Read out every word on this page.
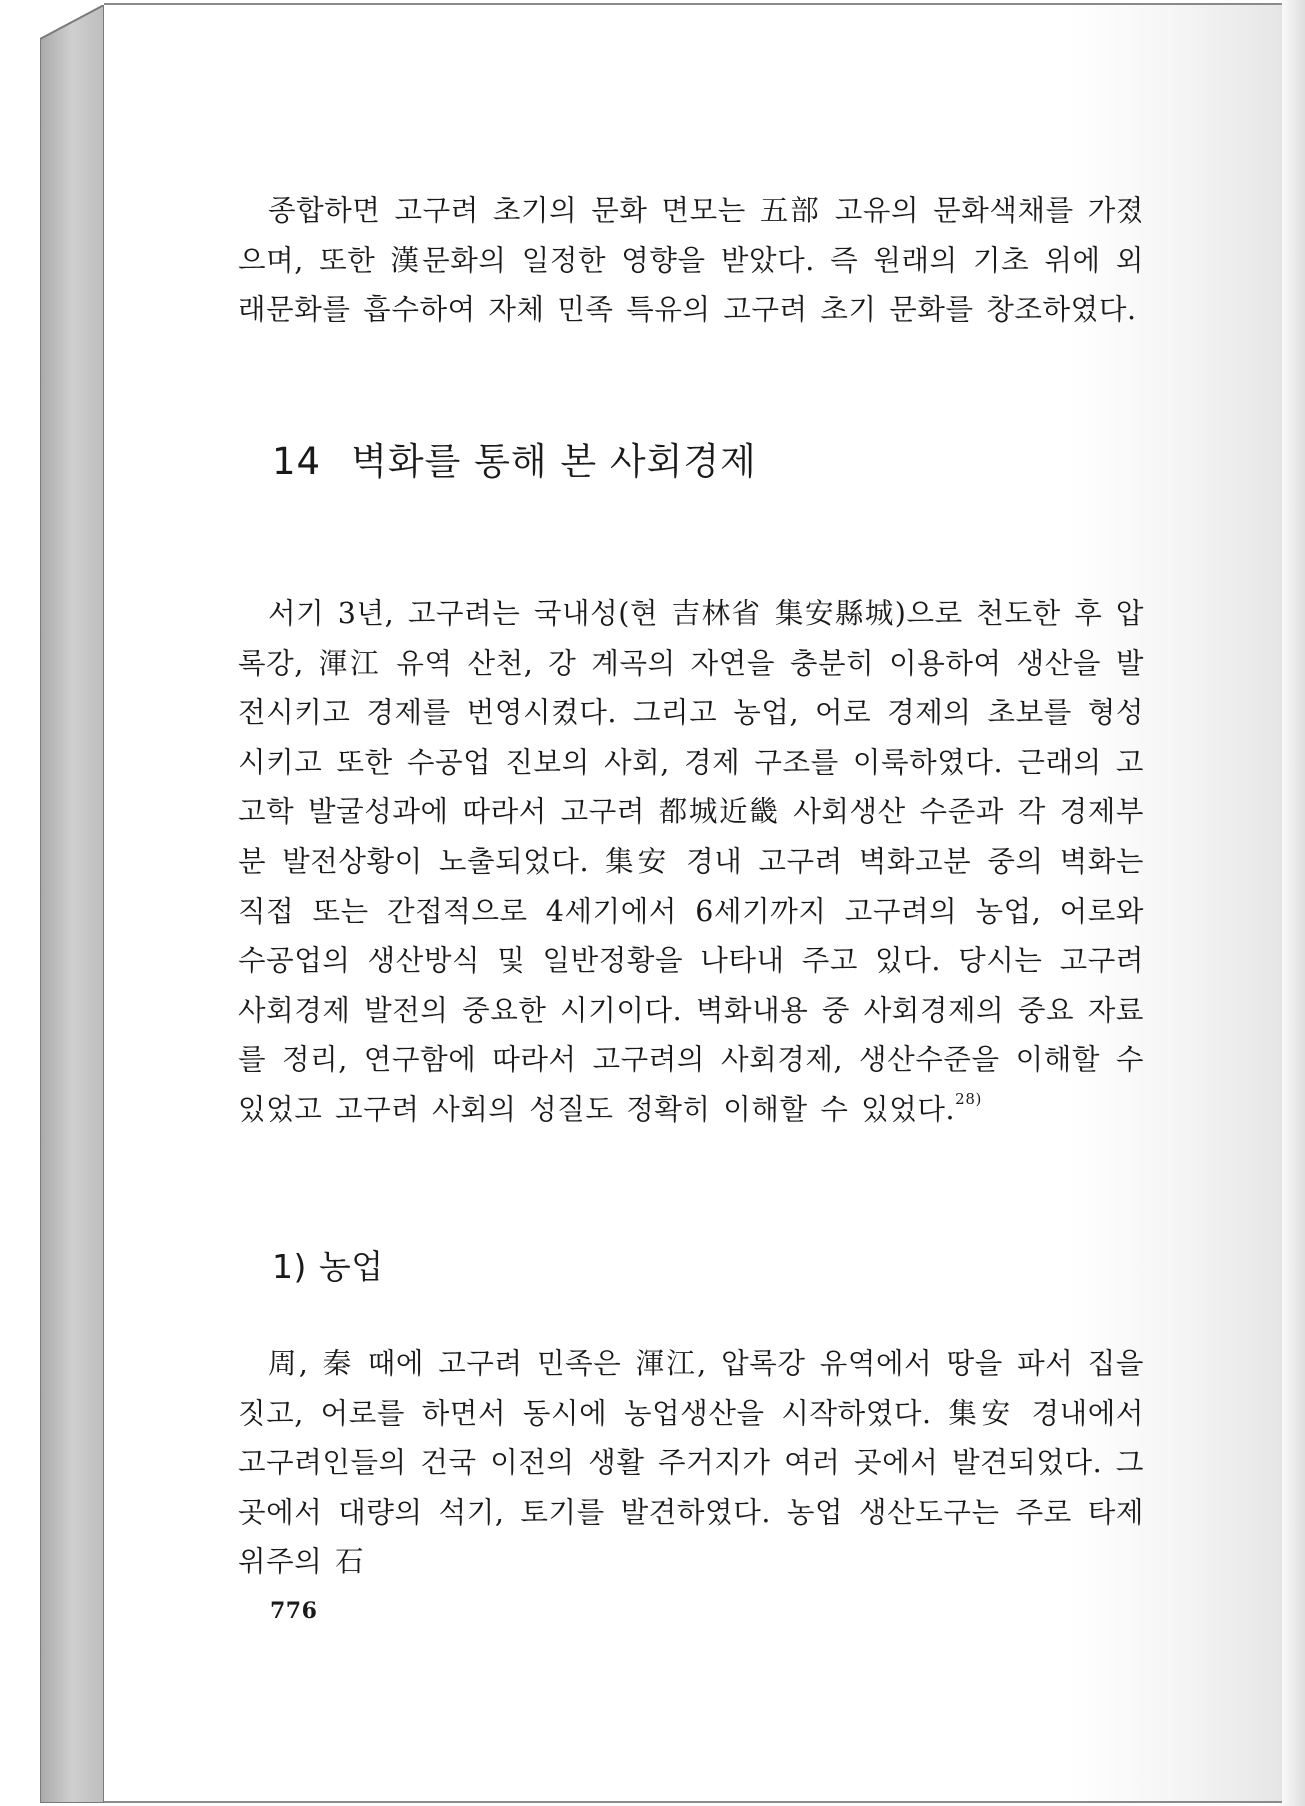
종합하면 고구려 초기의 문화 면모는 五部 고유의 문화색채를 가졌으며, 또한 漢문화의 일정한 영향을 받았다. 즉 원래의 기초 위에 외래문화를 흡수하여 자체 민족 특유의 고구려 초기 문화를 창조하였다.

14 벽화를 통해 본 사회경제

서기 3년, 고구려는 국내성(현 吉林省 集安縣城)으로 천도한 후 압록강, 渾江 유역 산천, 강 계곡의 자연을 충분히 이용하여 생산을 발전시키고 경제를 번영시켰다. 그리고 농업, 어로 경제의 초보를 형성시키고 또한 수공업 진보의 사회, 경제 구조를 이룩하였다. 근래의 고고학 발굴성과에 따라서 고구려 都城近畿 사회생산 수준과 각 경제부분 발전상황이 노출되었다. 集安 경내 고구려 벽화고분 중의 벽화는 직접 또는 간접적으로 4세기에서 6세기까지 고구려의 농업, 어로와 수공업의 생산방식 및 일반정황을 나타내 주고 있다. 당시는 고구려 사회경제 발전의 중요한 시기이다. 벽화내용 중 사회경제의 중요 자료를 정리, 연구함에 따라서 고구려의 사회경제, 생산수준을 이해할 수 있었고 고구려 사회의 성질도 정확히 이해할 수 있었다.$^{28)}$

1) 농업

周, 秦 때에 고구려 민족은 渾江, 압록강 유역에서 땅을 파서 집을 짓고, 어로를 하면서 동시에 농업생산을 시작하였다. 集安 경내에서 고구려인들의 건국 이전의 생활 주거지가 여러 곳에서 발견되었다. 그곳에서 대량의 석기, 토기를 발견하였다. 농업 생산도구는 주로 타제 위주의 石

776
